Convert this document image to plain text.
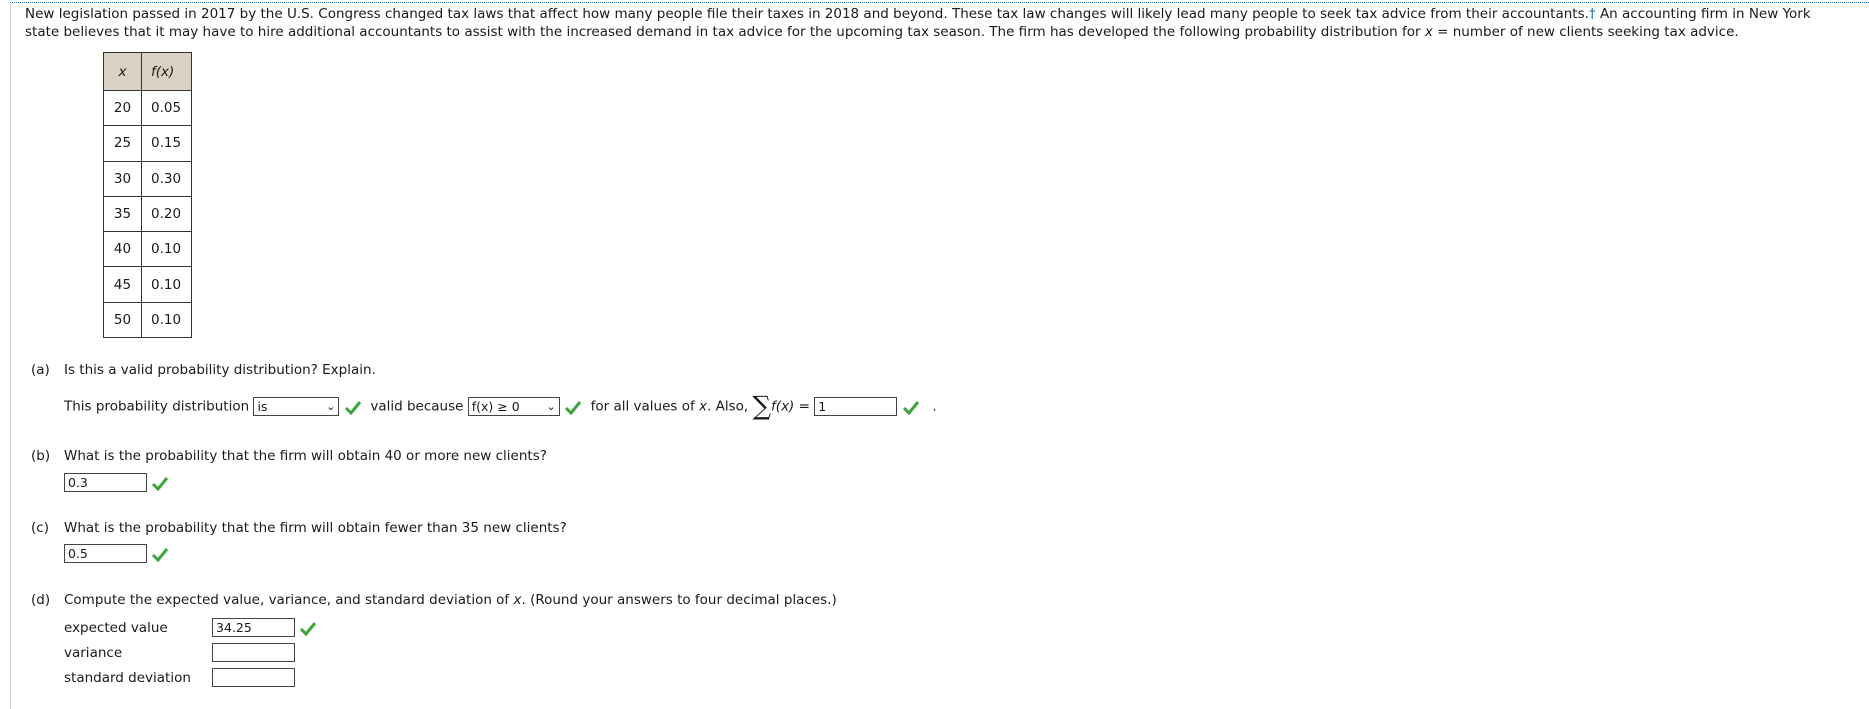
New legislation passed in 2017 by the U.S. Congress changed tax laws that affect how many people file their taxes in 2018 and beyond. These tax law changes will likely lead many people to seek tax advice from their accountants.† An accounting firm in New York state believes that it may have to hire additional accountants to assist with the increased demand in tax advice for the upcoming tax season. The firm has developed the following probability distribution for x = number of new clients seeking tax advice.
x	f(x)
20	0.05
25	0.15
30	0.30
35	0.20
40	0.10
45	0.10
50	0.10
(a) Is this a valid probability distribution? Explain.
This probability distribution is	⌄	valid because f(x) ≥ 0 ⌄	for all values of x. Also, ∑f(x) = 1	.
(b) What is the probability that the firm will obtain 40 or more new clients?
0.3
(c) What is the probability that the firm will obtain fewer than 35 new clients?
0.5
(d) Compute the expected value, variance, and standard deviation of x. (Round your answers to four decimal places.)
expected value	34.25
variance
standard deviation
